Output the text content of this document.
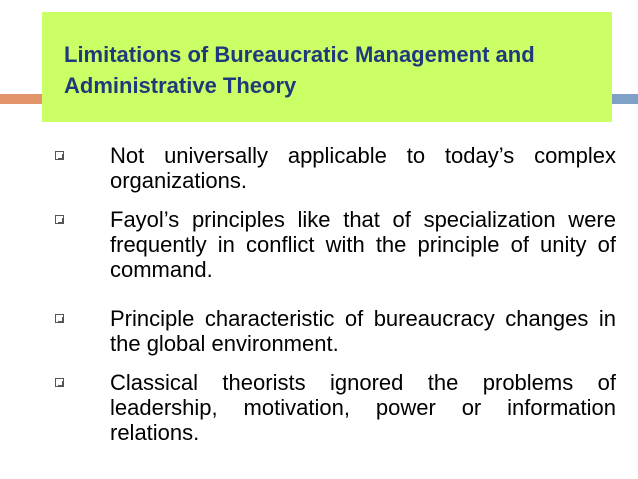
Limitations of Bureaucratic Management and Administrative Theory
Not universally applicable to today’s complex organizations.
Fayol’s principles like that of specialization were frequently in conflict with the principle of unity of command.
Principle characteristic of bureaucracy changes in the global environment.
Classical theorists ignored the problems of leadership, motivation, power or information relations.
